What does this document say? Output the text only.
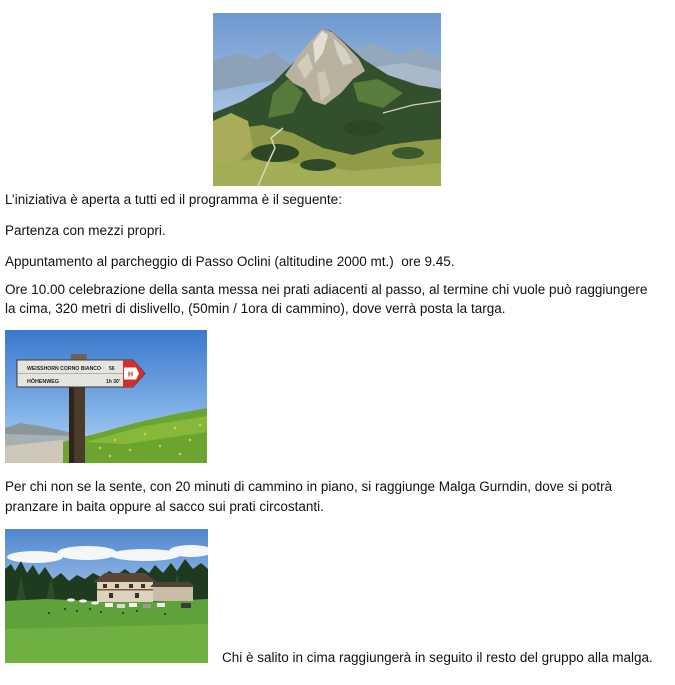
L’iniziativa è aperta a tutti ed il programma è il seguente:
Partenza con mezzi propri.
Appuntamento al parcheggio di Passo Oclini (altitudine 2000 mt.)  ore 9.45.
Ore 10.00 celebrazione della santa messa nei prati adiacenti al passo, al termine chi vuole può raggiungere
la cima, 320 metri di dislivello, (50min / 1ora di cammino), dove verrà posta la targa.
H
WEISSHORN CORNO BIANCO 56
HÖHENWEG	1h 30'
Per chi non se la sente, con 20 minuti di cammino in piano, si raggiunge Malga Gurndin, dove si potrà
pranzare in baita oppure al sacco sui prati circostanti.
Chi è salito in cima raggiungerà in seguito il resto del gruppo alla malga.
